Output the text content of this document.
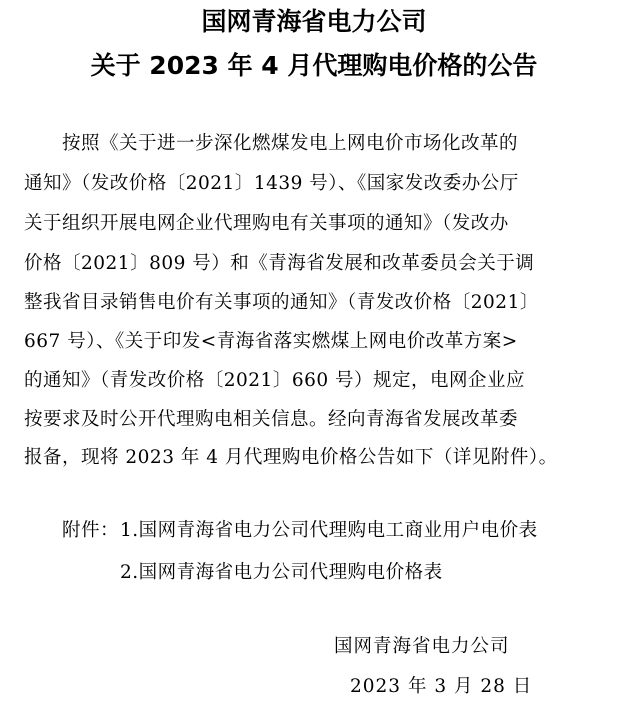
国网青海省电力公司
关于 2023 年 4 月代理购电价格的公告

按照《关于进一步深化燃煤发电上网电价市场化改革的

通知》（发改价格〔2021〕1439 号）、《国家发改委办公厅

关于组织开展电网企业代理购电有关事项的通知》（发改办

价格〔2021〕809 号）和《青海省发展和改革委员会关于调

整我省目录销售电价有关事项的通知》（青发改价格〔2021〕

667 号）、《关于印发<青海省落实燃煤上网电价改革方案>

的通知》（青发改价格〔2021〕660 号）规定，电网企业应

按要求及时公开代理购电相关信息。经向青海省发展改革委

报备，现将 2023 年 4 月代理购电价格公告如下（详见附件）。

附件： 1.国网青海省电力公司代理购电工商业用户电价表
2.国网青海省电力公司代理购电价格表
国网青海省电力公司
2023 年 3 月 28 日
